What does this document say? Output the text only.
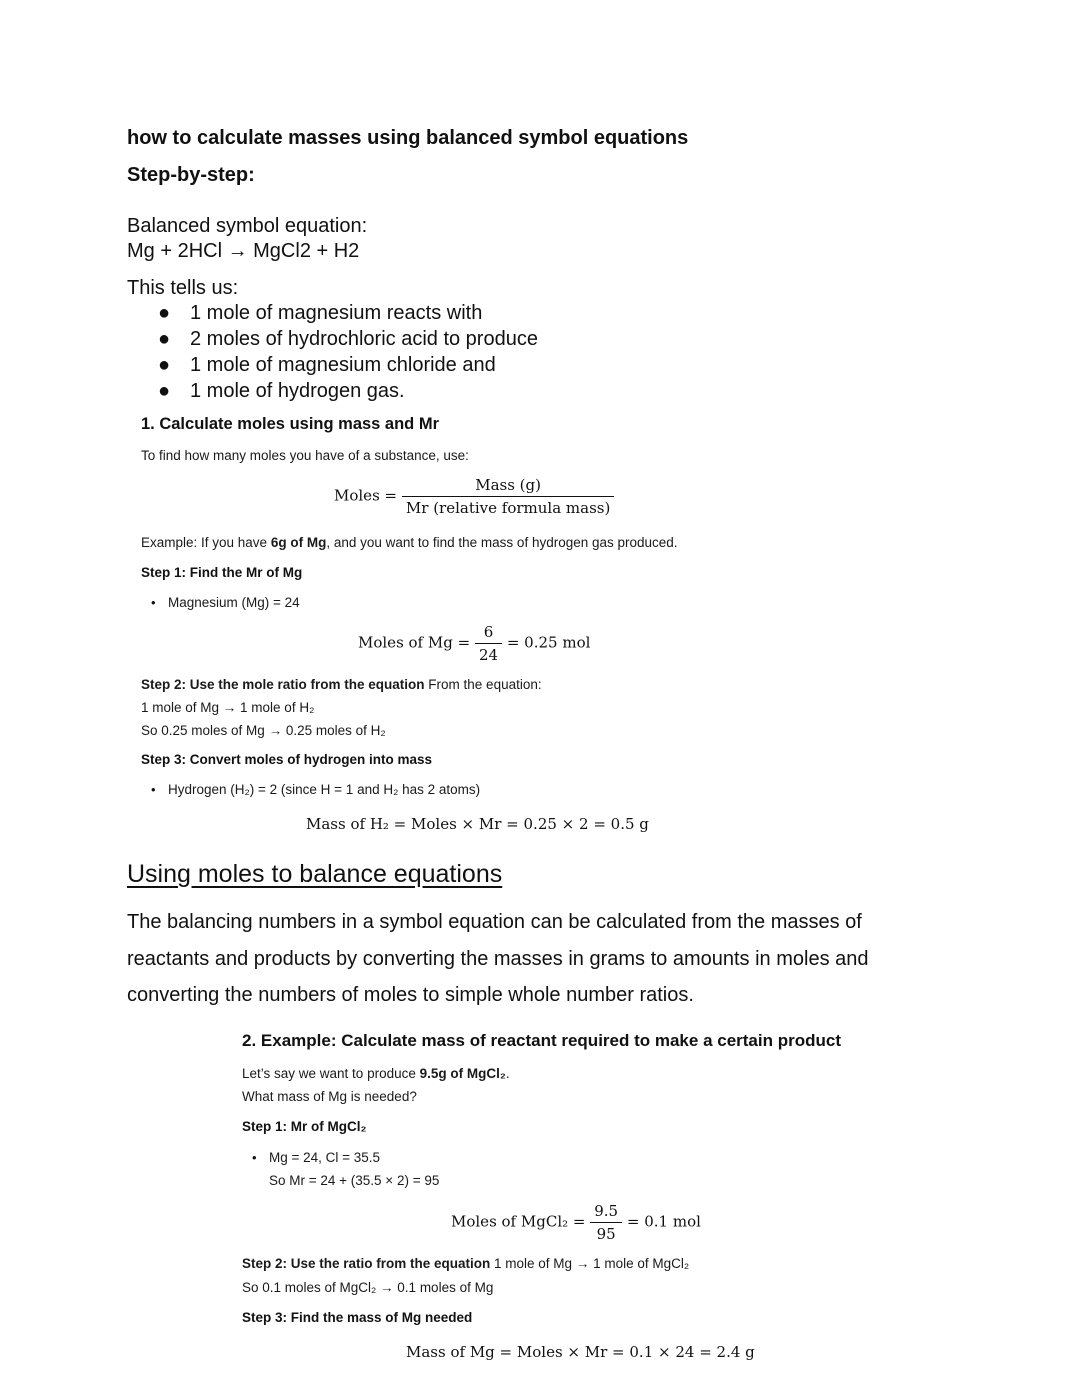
how to calculate masses using balanced symbol equations
Step-by-step:
Balanced symbol equation:
Mg + 2HCl → MgCl2 + H2
This tells us:
● 1 mole of magnesium reacts with
● 2 moles of hydrochloric acid to produce
● 1 mole of magnesium chloride and
● 1 mole of hydrogen gas.
1. Calculate moles using mass and Mr
To find how many moles you have of a substance, use:
Moles = $\frac{\text{Mass (g)}}{\text{Mr (relative formula mass)}}$
Example: If you have 6g of Mg, and you want to find the mass of hydrogen gas produced.
Step 1: Find the Mr of Mg
• Magnesium (Mg) = 24
Moles of $Mg = \frac{6}{24} = 0.25$ mol
Step 2: Use the mole ratio from the equation From the equation:
1 mole of Mg → 1 mole of H₂
So 0.25 moles of Mg → 0.25 moles of H₂
Step 3: Convert moles of hydrogen into mass
• Hydrogen (H₂) = 2 (since H = 1 and H₂ has 2 atoms)
Mass of H₂ = Moles × Mr = 0.25 × 2 = 0.5 g
Using moles to balance equations
The balancing numbers in a symbol equation can be calculated from the masses of reactants and products by converting the masses in grams to amounts in moles and converting the numbers of moles to simple whole number ratios.
2. Example: Calculate mass of reactant required to make a certain product
Let’s say we want to produce 9.5g of MgCl₂.
What mass of Mg is needed?
Step 1: Mr of MgCl₂
• Mg = 24, Cl = 35.5
So Mr = 24 + (35.5 × 2) = 95
Moles of MgCl₂ = $\frac{9.5}{95} = 0.1$ mol
Step 2: Use the ratio from the equation 1 mole of Mg → 1 mole of MgCl₂
So 0.1 moles of MgCl₂ → 0.1 moles of Mg
Step 3: Find the mass of Mg needed
Mass of Mg = Moles × Mr = 0.1 × 24 = 2.4 g
